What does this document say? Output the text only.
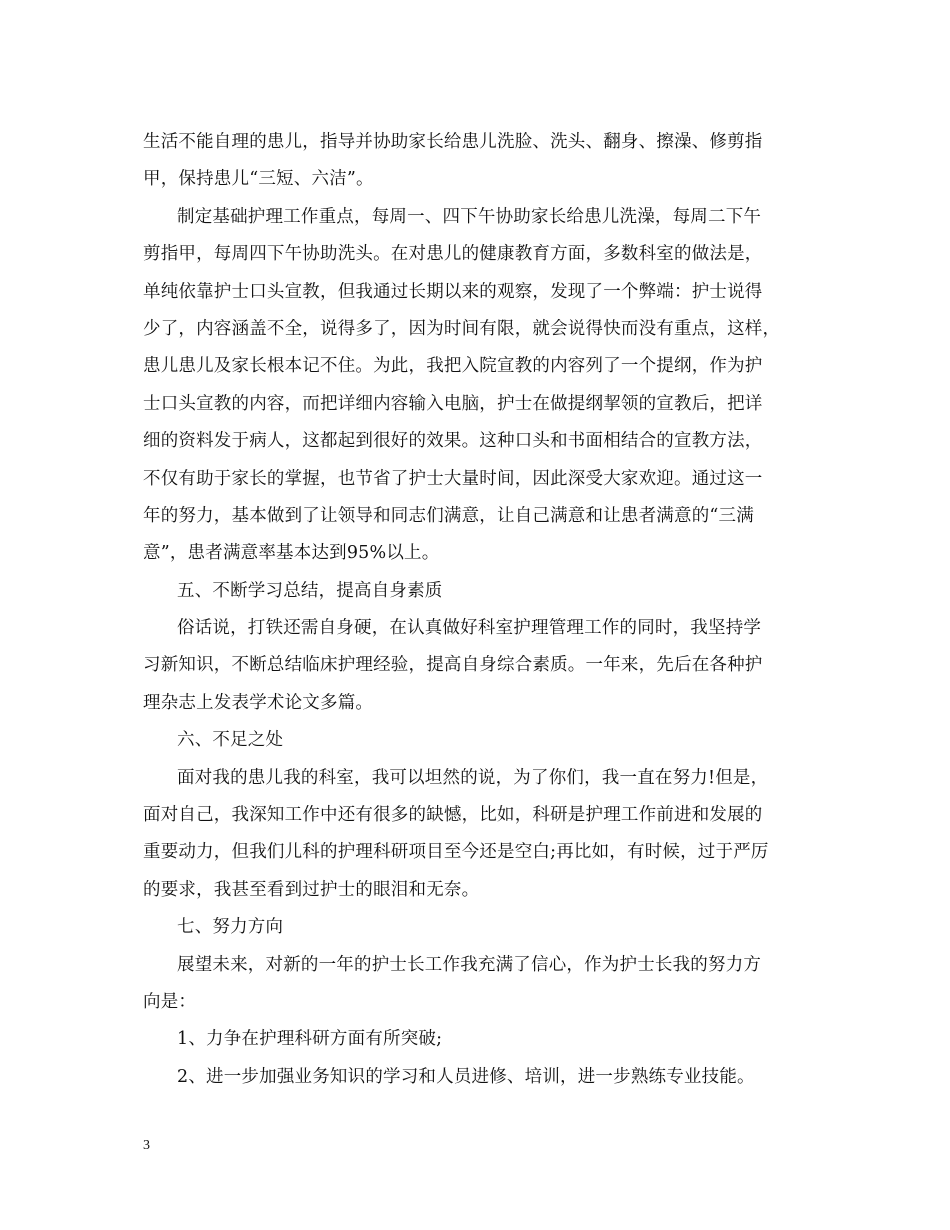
生活不能自理的患儿，指导并协助家长给患儿洗脸、洗头、翻身、擦澡、修剪指
甲，保持患儿“三短、六洁”。
制定基础护理工作重点，每周一、四下午协助家长给患儿洗澡，每周二下午
剪指甲，每周四下午协助洗头。在对患儿的健康教育方面，多数科室的做法是，
单纯依靠护士口头宣教，但我通过长期以来的观察，发现了一个弊端：护士说得
少了，内容涵盖不全，说得多了，因为时间有限，就会说得快而没有重点，这样，
患儿患儿及家长根本记不住。为此，我把入院宣教的内容列了一个提纲，作为护
士口头宣教的内容，而把详细内容输入电脑，护士在做提纲挈领的宣教后，把详
细的资料发于病人，这都起到很好的效果。这种口头和书面相结合的宣教方法，
不仅有助于家长的掌握，也节省了护士大量时间，因此深受大家欢迎。通过这一
年的努力，基本做到了让领导和同志们满意，让自己满意和让患者满意的“三满
意”，患者满意率基本达到95%以上。
五、不断学习总结，提高自身素质
俗话说，打铁还需自身硬，在认真做好科室护理管理工作的同时，我坚持学
习新知识，不断总结临床护理经验，提高自身综合素质。一年来，先后在各种护
理杂志上发表学术论文多篇。
六、不足之处
面对我的患儿我的科室，我可以坦然的说，为了你们，我一直在努力!但是，
面对自己，我深知工作中还有很多的缺憾，比如，科研是护理工作前进和发展的
重要动力，但我们儿科的护理科研项目至今还是空白;再比如，有时候，过于严厉
的要求，我甚至看到过护士的眼泪和无奈。
七、努力方向
展望未来，对新的一年的护士长工作我充满了信心，作为护士长我的努力方
向是：
1、力争在护理科研方面有所突破;
2、进一步加强业务知识的学习和人员进修、培训，进一步熟练专业技能。
3
